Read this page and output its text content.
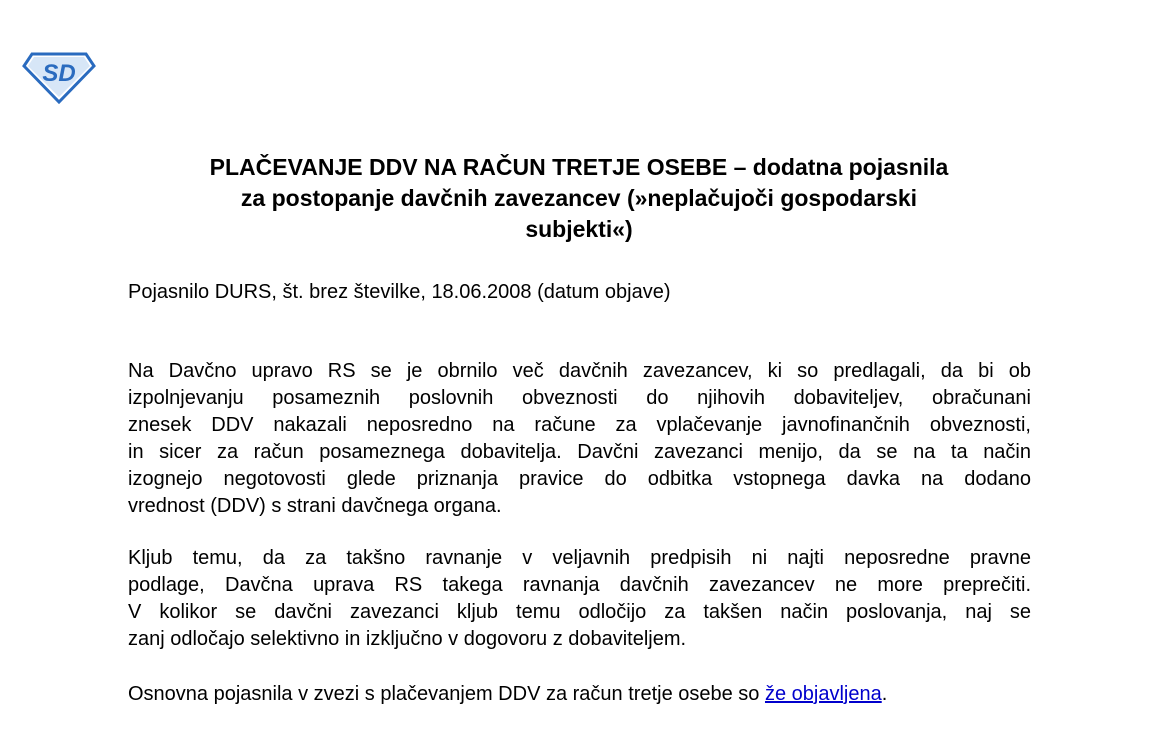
SD
PLAČEVANJE DDV NA RAČUN TRETJE OSEBE – dodatna pojasnila
za postopanje davčnih zavezancev (»neplačujoči gospodarski
subjekti«)

Pojasnilo DURS, št. brez številke, 18.06.2008 (datum objave)

Na Davčno upravo RS se je obrnilo več davčnih zavezancev, ki so predlagali, da bi ob
izpolnjevanju posameznih poslovnih obveznosti do njihovih dobaviteljev, obračunani
znesek DDV nakazali neposredno na račune za vplačevanje javnofinančnih obveznosti,
in sicer za račun posameznega dobavitelja. Davčni zavezanci menijo, da se na ta način
izognejo negotovosti glede priznanja pravice do odbitka vstopnega davka na dodano
vrednost (DDV) s strani davčnega organa.
Kljub temu, da za takšno ravnanje v veljavnih predpisih ni najti neposredne pravne
podlage, Davčna uprava RS takega ravnanja davčnih zavezancev ne more preprečiti.
V kolikor se davčni zavezanci kljub temu odločijo za takšen način poslovanja, naj se
zanj odločajo selektivno in izključno v dogovoru z dobaviteljem.

Osnovna pojasnila v zvezi s plačevanjem DDV za račun tretje osebe so že objavljena.
